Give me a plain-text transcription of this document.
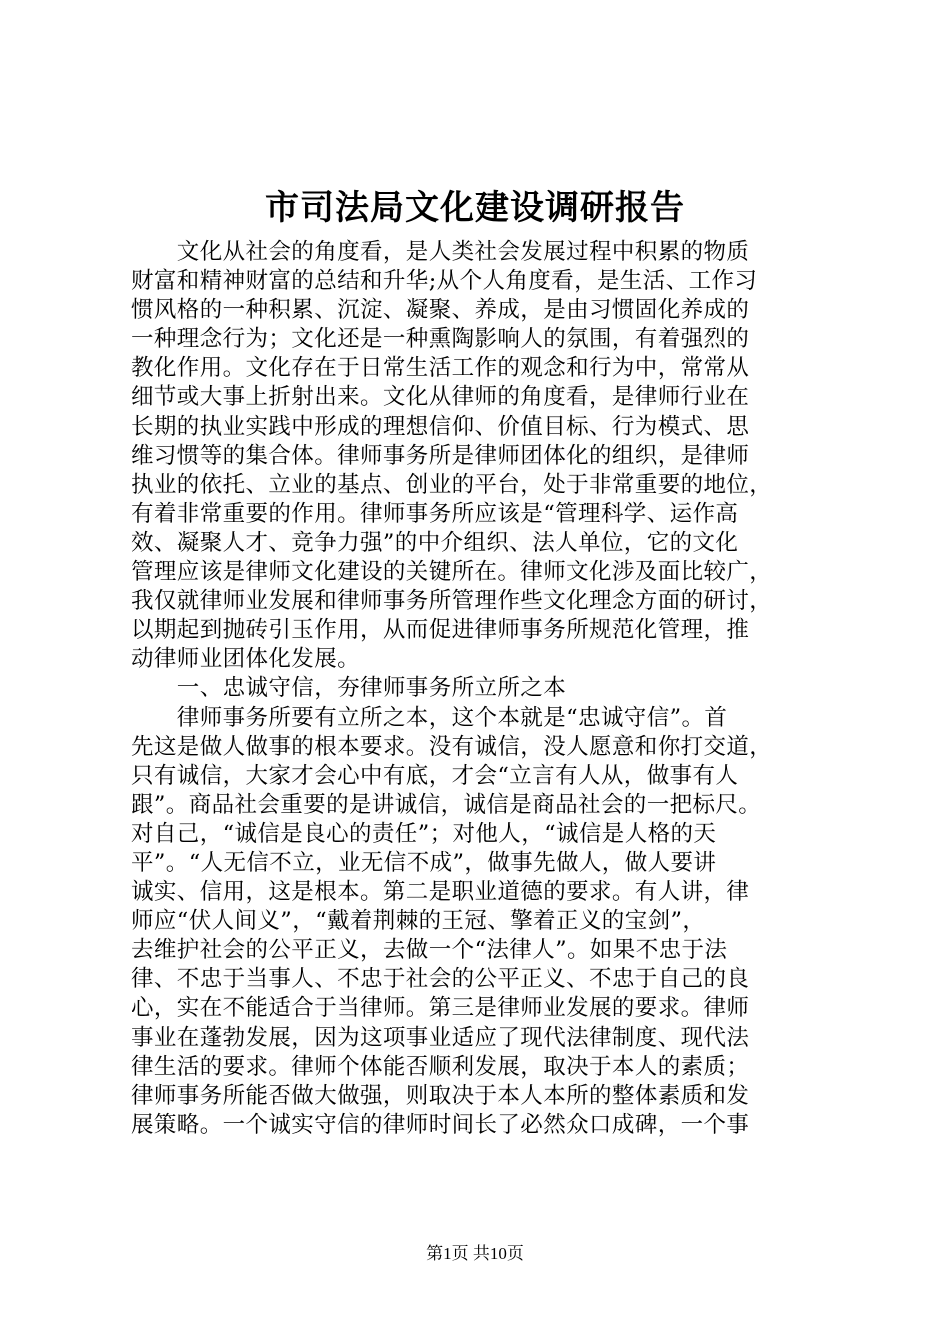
市司法局文化建设调研报告
　　文化从社会的角度看，是人类社会发展过程中积累的物质
财富和精神财富的总结和升华;从个人角度看，是生活、工作习
惯风格的一种积累、沉淀、凝聚、养成，是由习惯固化养成的
一种理念行为；文化还是一种熏陶影响人的氛围，有着强烈的
教化作用。文化存在于日常生活工作的观念和行为中，常常从
细节或大事上折射出来。文化从律师的角度看，是律师行业在
长期的执业实践中形成的理想信仰、价值目标、行为模式、思
维习惯等的集合体。律师事务所是律师团体化的组织，是律师
执业的依托、立业的基点、创业的平台，处于非常重要的地位，
有着非常重要的作用。律师事务所应该是“管理科学、运作高
效、凝聚人才、竞争力强”的中介组织、法人单位，它的文化
管理应该是律师文化建设的关键所在。律师文化涉及面比较广，
我仅就律师业发展和律师事务所管理作些文化理念方面的研讨，
以期起到抛砖引玉作用，从而促进律师事务所规范化管理，推
动律师业团体化发展。
　　一、忠诚守信，夯律师事务所立所之本
　　律师事务所要有立所之本，这个本就是“忠诚守信”。首
先这是做人做事的根本要求。没有诚信，没人愿意和你打交道，
只有诚信，大家才会心中有底，才会“立言有人从，做事有人
跟”。商品社会重要的是讲诚信，诚信是商品社会的一把标尺。
对自己，“诚信是良心的责任”；对他人，“诚信是人格的天
平”。“人无信不立，业无信不成”，做事先做人，做人要讲
诚实、信用，这是根本。第二是职业道德的要求。有人讲，律
师应“伏人间义”，“戴着荆棘的王冠、擎着正义的宝剑”，
去维护社会的公平正义，去做一个“法律人”。如果不忠于法
律、不忠于当事人、不忠于社会的公平正义、不忠于自己的良
心，实在不能适合于当律师。第三是律师业发展的要求。律师
事业在蓬勃发展，因为这项事业适应了现代法律制度、现代法
律生活的要求。律师个体能否顺利发展，取决于本人的素质；
律师事务所能否做大做强，则取决于本人本所的整体素质和发
展策略。一个诚实守信的律师时间长了必然众口成碑，一个事
第1页 共10页
